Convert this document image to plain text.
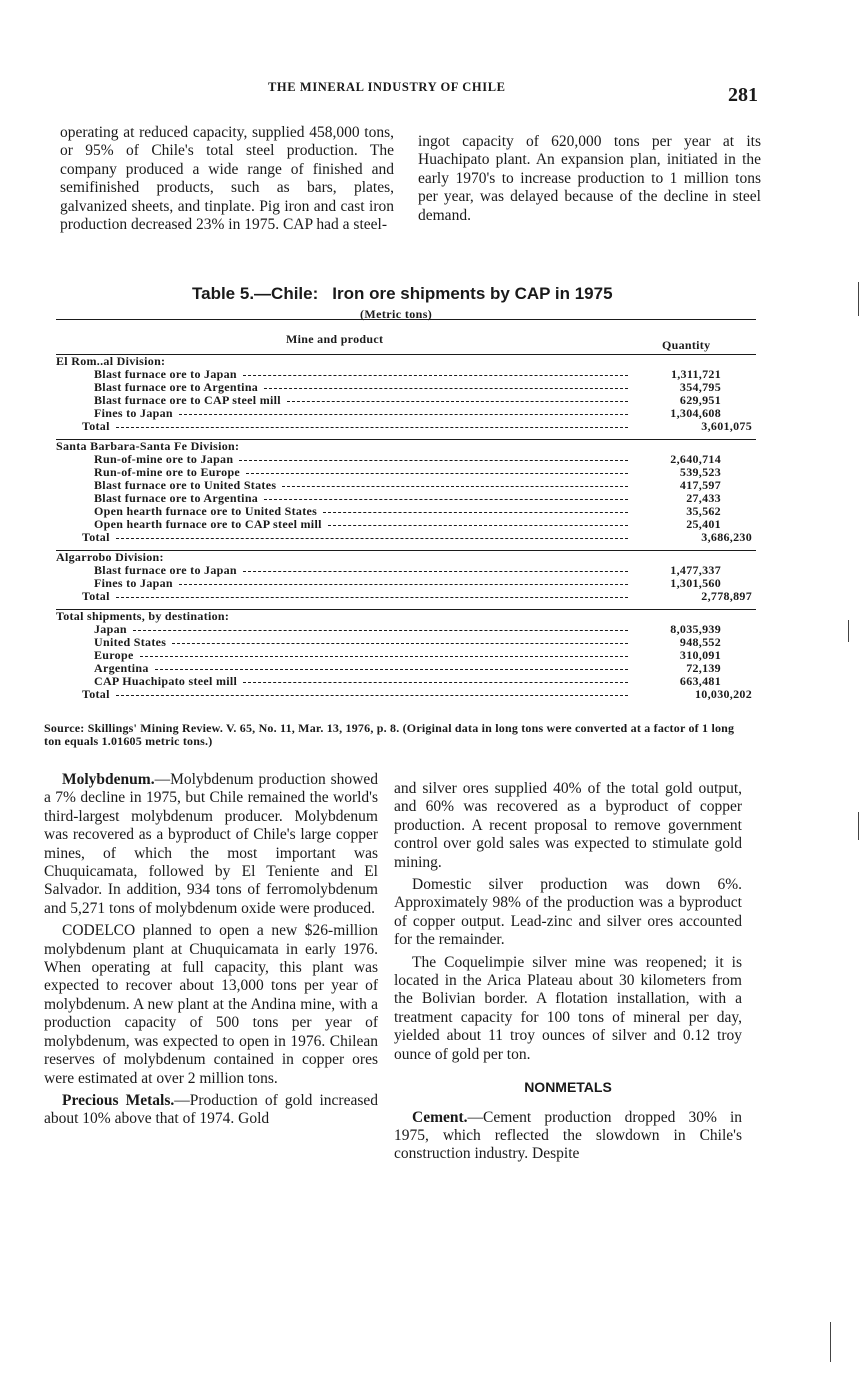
THE MINERAL INDUSTRY OF CHILE	281
operating at reduced capacity, supplied 458,000 tons, or 95% of Chile's total steel production. The company produced a wide range of finished and semifinished products, such as bars, plates, galvanized sheets, and tinplate. Pig iron and cast iron production decreased 23% in 1975. CAP had a steel-
ingot capacity of 620,000 tons per year at its Huachipato plant. An expansion plan, initiated in the early 1970's to increase production to 1 million tons per year, was delayed because of the decline in steel demand.
Table 5.—Chile: Iron ore shipments by CAP in 1975
(Metric tons)
Mine and product	Quantity
El Rom..al Division:
Blast furnace ore to Japan	1,311,721
Blast furnace ore to Argentina	354,795
Blast furnace ore to CAP steel mill	629,951
Fines to Japan	1,304,608
Total	3,601,075
Santa Barbara-Santa Fe Division:
Run-of-mine ore to Japan	2,640,714
Run-of-mine ore to Europe	539,523
Blast furnace ore to United States	417,597
Blast furnace ore to Argentina	27,433
Open hearth furnace ore to United States	35,562
Open hearth furnace ore to CAP steel mill	25,401
Total	3,686,230
Algarrobo Division:
Blast furnace ore to Japan	1,477,337
Fines to Japan	1,301,560
Total	2,778,897
Total shipments, by destination:
Japan	8,035,939
United States	948,552
Europe	310,091
Argentina	72,139
CAP Huachipato steel mill	663,481
Total	10,030,202
Source: Skillings' Mining Review. V. 65, No. 11, Mar. 13, 1976, p. 8. (Original data in long tons were converted at a factor of 1 long ton equals 1.01605 metric tons.)

Molybdenum.—Molybdenum production showed a 7% decline in 1975, but Chile remained the world's third-largest molybdenum producer. Molybdenum was recovered as a byproduct of Chile's large copper mines, of which the most important was Chuquicamata, followed by El Teniente and El Salvador. In addition, 934 tons of ferromolybdenum and 5,271 tons of molybdenum oxide were produced.

CODELCO planned to open a new $26-million molybdenum plant at Chuquicamata in early 1976. When operating at full capacity, this plant was expected to recover about 13,000 tons per year of molybdenum. A new plant at the Andina mine, with a production capacity of 500 tons per year of molybdenum, was expected to open in 1976. Chilean reserves of molybdenum contained in copper ores were estimated at over 2 million tons.

Precious Metals.—Production of gold increased about 10% above that of 1974. Gold

and silver ores supplied 40% of the total gold output, and 60% was recovered as a byproduct of copper production. A recent proposal to remove government control over gold sales was expected to stimulate gold mining.

Domestic silver production was down 6%. Approximately 98% of the production was a byproduct of copper output. Lead-zinc and silver ores accounted for the remainder.

The Coquelimpie silver mine was reopened; it is located in the Arica Plateau about 30 kilometers from the Bolivian border. A flotation installation, with a treatment capacity for 100 tons of mineral per day, yielded about 11 troy ounces of silver and 0.12 troy ounce of gold per ton.

NONMETALS

Cement.—Cement production dropped 30% in 1975, which reflected the slowdown in Chile's construction industry. Despite
